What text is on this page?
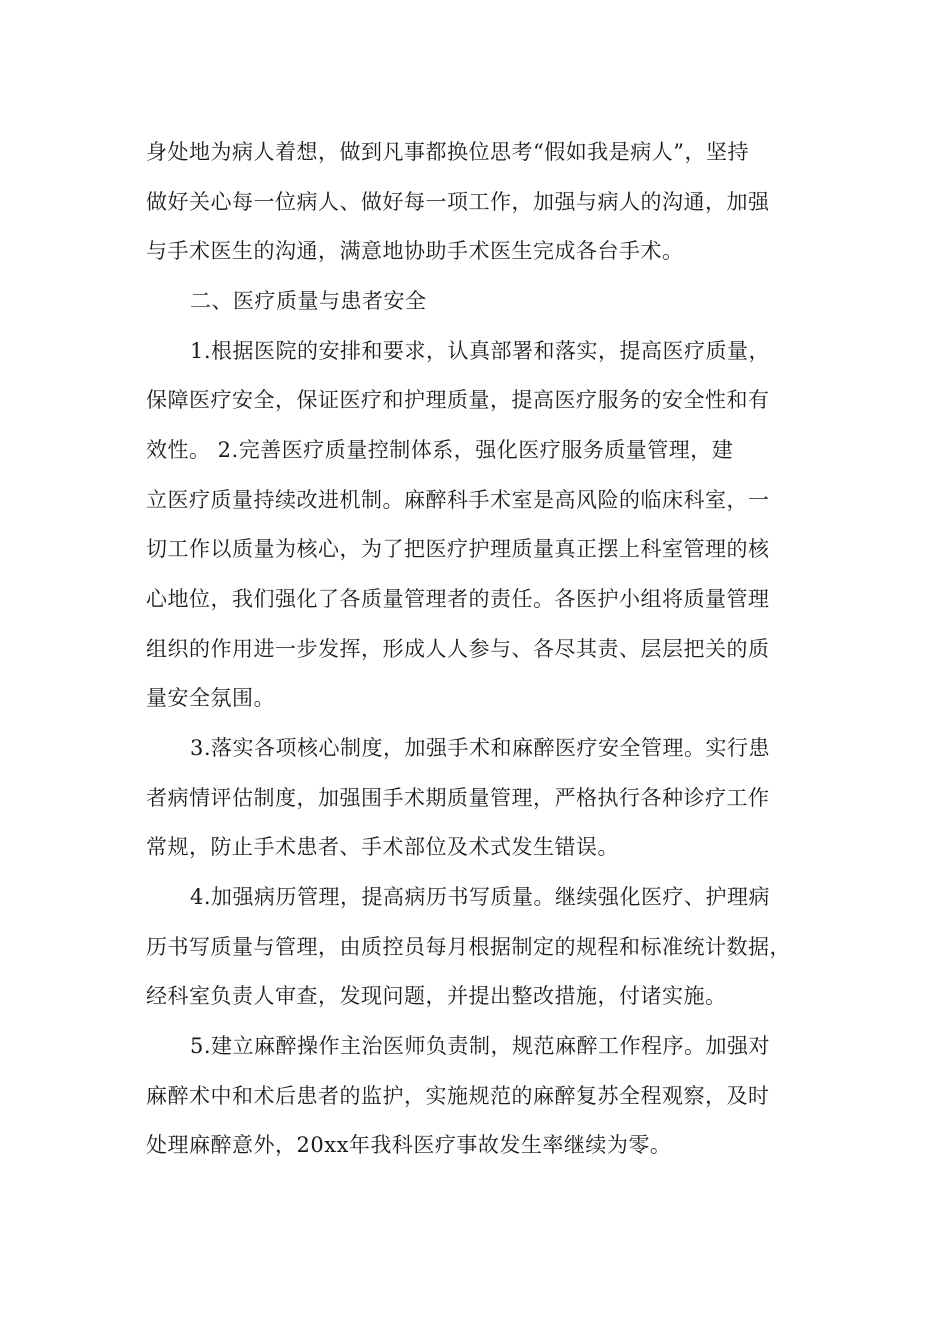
身处地为病人着想，做到凡事都换位思考“假如我是病人”，坚持

做好关心每一位病人、做好每一项工作，加强与病人的沟通，加强

与手术医生的沟通，满意地协助手术医生完成各台手术。

二、医疗质量与患者安全

1.根据医院的安排和要求，认真部署和落实，提高医疗质量，

保障医疗安全，保证医疗和护理质量，提高医疗服务的安全性和有

效性。 2.完善医疗质量控制体系，强化医疗服务质量管理，建

立医疗质量持续改进机制。麻醉科手术室是高风险的临床科室，一

切工作以质量为核心，为了把医疗护理质量真正摆上科室管理的核

心地位，我们强化了各质量管理者的责任。各医护小组将质量管理

组织的作用进一步发挥，形成人人参与、各尽其责、层层把关的质

量安全氛围。

3.落实各项核心制度，加强手术和麻醉医疗安全管理。实行患

者病情评估制度，加强围手术期质量管理，严格执行各种诊疗工作

常规，防止手术患者、手术部位及术式发生错误。

4.加强病历管理，提高病历书写质量。继续强化医疗、护理病

历书写质量与管理，由质控员每月根据制定的规程和标准统计数据，

经科室负责人审查，发现问题，并提出整改措施，付诸实施。

5.建立麻醉操作主治医师负责制，规范麻醉工作程序。加强对

麻醉术中和术后患者的监护，实施规范的麻醉复苏全程观察，及时

处理麻醉意外，20xx年我科医疗事故发生率继续为零。
